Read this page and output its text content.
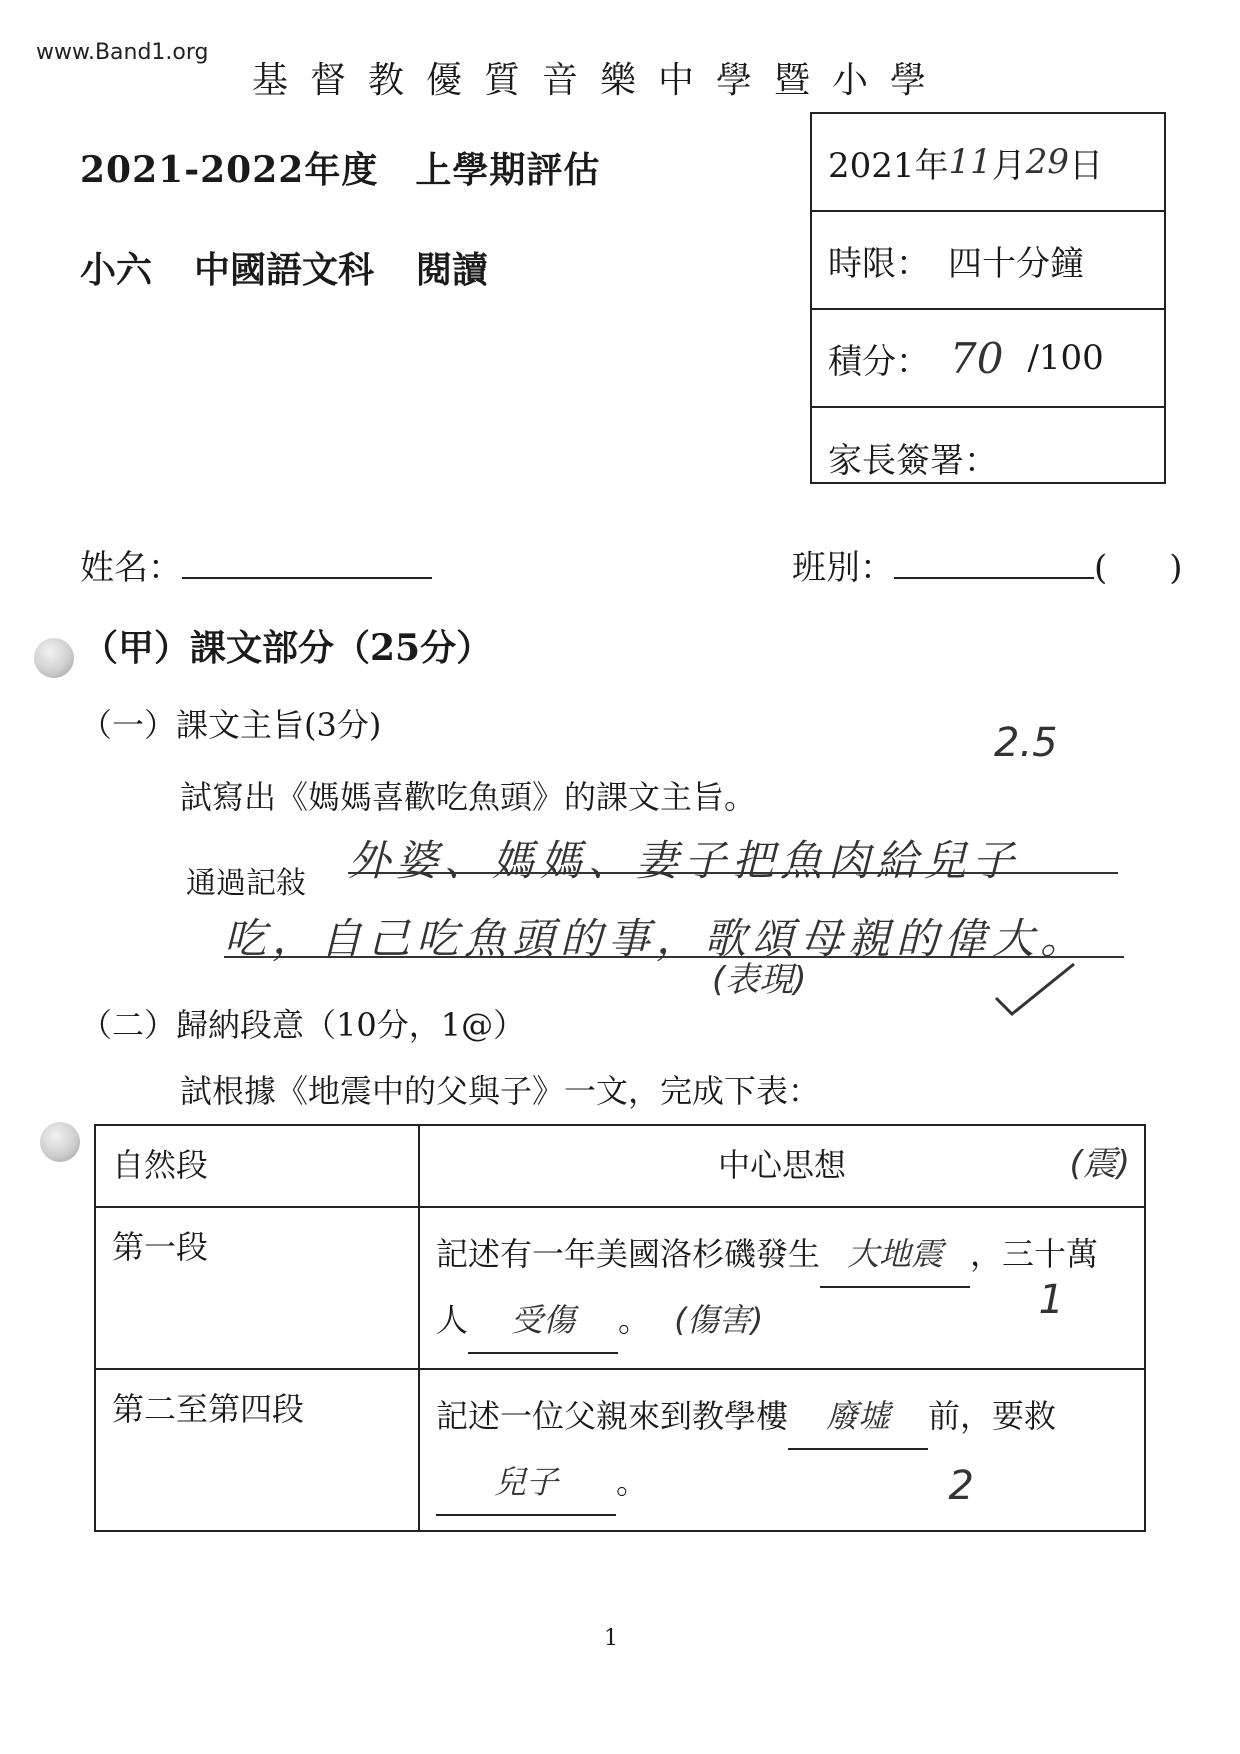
www.Band1.org
基督教優質音樂中學暨小學
2021-2022年度　上學期評估
小六 中國語文科 閱讀
2021年 11 月 29 日
時限： 四十分鐘
積分： 70 /100
家長簽署：
姓名：	班別：	( )
（甲）課文部分（25分）
（一）課文主旨(3分)	2.5
試寫出《媽媽喜歡吃魚頭》的課文主旨。
通過記敍 外婆、媽媽、妻子把魚肉給兒子
吃，自己吃魚頭的事，歌頌母親的偉大。
(表現)
（二）歸納段意（10分，1@）
試根據《地震中的父與子》一文，完成下表：
自然段	中心思想 (震)

第一段	記述有一年美國洛杉磯發生 大地震 ，三十萬人 受傷 。 (傷害) 1

第二至第四段	記述一位父親來到教學樓 廢墟 前，要救
兒子 。 2
1
